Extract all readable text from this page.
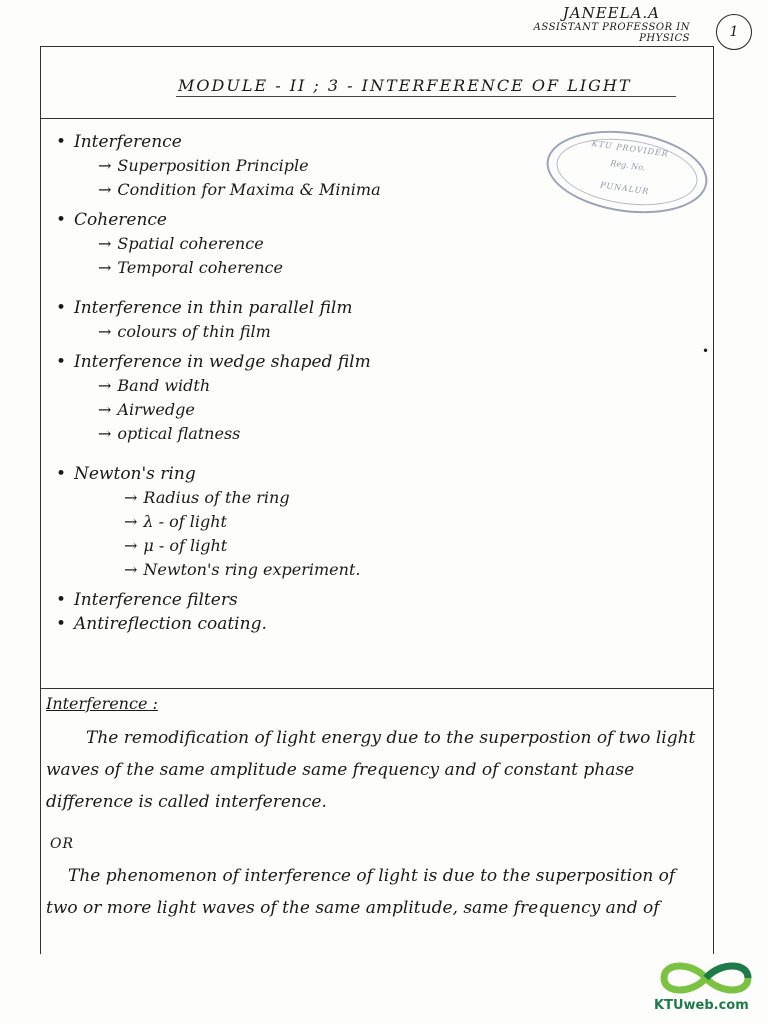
JANEELA.A
ASSISTANT PROFESSOR IN
PHYSICS	1
MODULE - II ; 3 - INTERFERENCE OF LIGHT
KTU PROVIDER
Reg. No.
PUNALUR
•
• Interference
→ Superposition Principle
→ Condition for Maxima & Minima
• Coherence
→ Spatial coherence
→ Temporal coherence
• Interference in thin parallel film
→ colours of thin film
• Interference in wedge shaped film
→ Band width
→ Airwedge
→ optical flatness
• Newton's ring
→ Radius of the ring
→ λ - of light
→ μ - of light
→ Newton's ring experiment.
• Interference filters
• Antireflection coating.
Interference :

The remodification of light energy due to the superpostion of two light waves of the same amplitude same frequency and of constant phase difference is called interference.

OR

The phenomenon of interference of light is due to the superposition of two or more light waves of the same amplitude, same frequency and of

KTUweb.com
